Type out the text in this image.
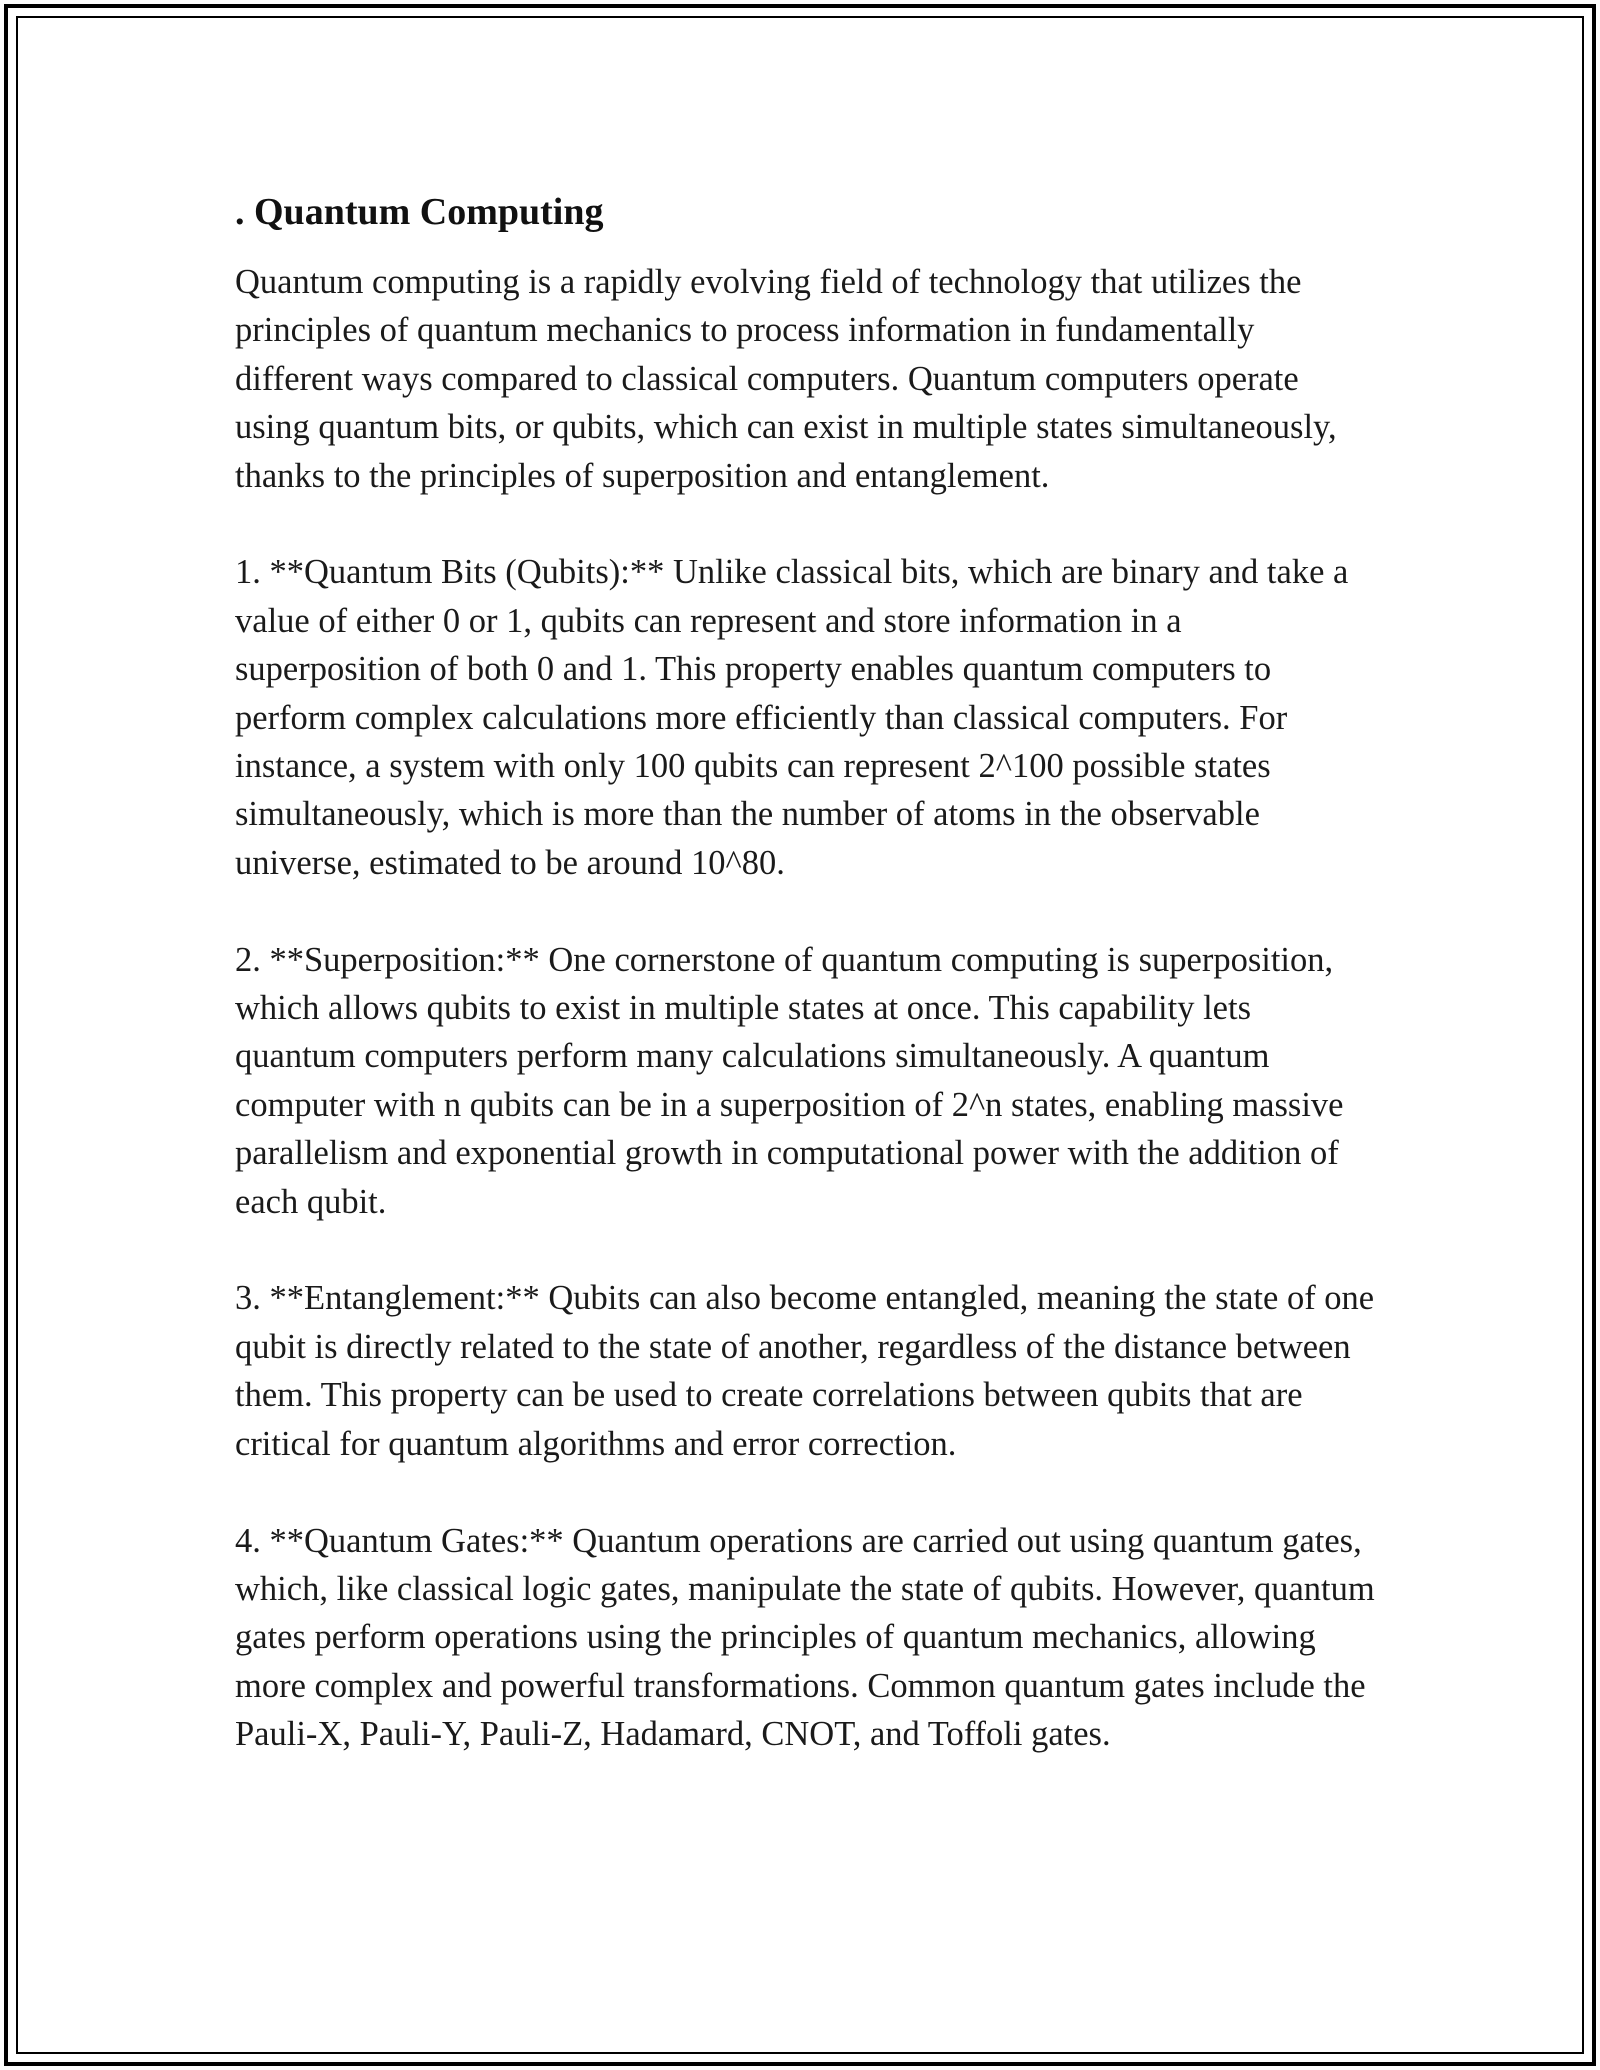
. Quantum Computing

Quantum computing is a rapidly evolving field of technology that utilizes the principles of quantum mechanics to process information in fundamentally different ways compared to classical computers. Quantum computers operate using quantum bits, or qubits, which can exist in multiple states simultaneously, thanks to the principles of superposition and entanglement.

1. **Quantum Bits (Qubits):** Unlike classical bits, which are binary and take a value of either 0 or 1, qubits can represent and store information in a superposition of both 0 and 1. This property enables quantum computers to perform complex calculations more efficiently than classical computers. For instance, a system with only 100 qubits can represent 2^100 possible states simultaneously, which is more than the number of atoms in the observable universe, estimated to be around 10^80.

2. **Superposition:** One cornerstone of quantum computing is superposition, which allows qubits to exist in multiple states at once. This capability lets quantum computers perform many calculations simultaneously. A quantum computer with n qubits can be in a superposition of 2^n states, enabling massive parallelism and exponential growth in computational power with the addition of each qubit.

3. **Entanglement:** Qubits can also become entangled, meaning the state of one qubit is directly related to the state of another, regardless of the distance between them. This property can be used to create correlations between qubits that are critical for quantum algorithms and error correction.

4. **Quantum Gates:** Quantum operations are carried out using quantum gates, which, like classical logic gates, manipulate the state of qubits. However, quantum gates perform operations using the principles of quantum mechanics, allowing more complex and powerful transformations. Common quantum gates include the Pauli-X, Pauli-Y, Pauli-Z, Hadamard, CNOT, and Toffoli gates.
